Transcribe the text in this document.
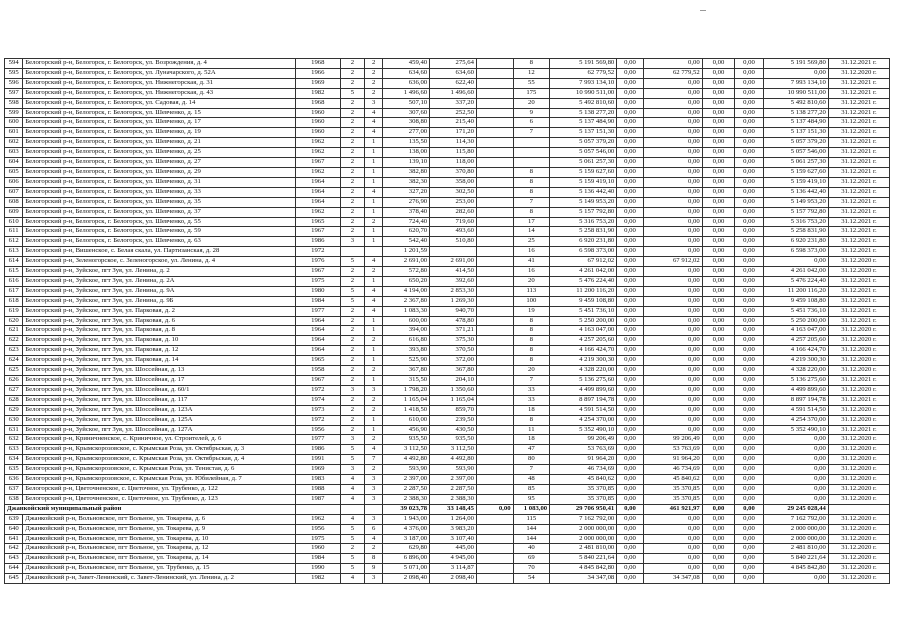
594	Белогорский р-н, Белогорск, г. Белогорск, ул. Возрождения, д. 4	1968	2	2	459,40	275,64		8	5 191 569,80	0,00	0,00	0,00	0,00	5 191 569,80	31.12.2021 г.
595	Белогорский р-н, Белогорск, г. Белогорск, ул. Луначарского, д. 52А	1966	2	2	634,60	634,60		12	62 779,52	0,00	62 779,52	0,00	0,00	0,00	31.12.2020 г.
596	Белогорский р-н, Белогорск, г. Белогорск, ул. Нижнегорская, д. 31	1969	2	2	636,00	622,40		55	7 993 134,10	0,00	0,00	0,00	0,00	7 993 134,10	31.12.2021 г.
597	Белогорский р-н, Белогорск, г. Белогорск, ул. Нижнегорская, д. 43	1982	5	2	1 496,60	1 496,60		175	10 990 511,00	0,00	0,00	0,00	0,00	10 990 511,00	31.12.2021 г.
598	Белогорский р-н, Белогорск, г. Белогорск, ул. Садовая, д. 14	1968	2	3	507,10	337,20		20	5 492 810,60	0,00	0,00	0,00	0,00	5 492 810,60	31.12.2021 г.
599	Белогорский р-н, Белогорск, г. Белогорск, ул. Шевченко, д. 15	1960	2	4	307,60	252,50		9	5 138 277,20	0,00	0,00	0,00	0,00	5 138 277,20	31.12.2021 г.
600	Белогорский р-н, Белогорск, г. Белогорск, ул. Шевченко, д. 17	1960	2	4	308,80	215,40		6	5 137 484,90	0,00	0,00	0,00	0,00	5 137 484,90	31.12.2021 г.
601	Белогорский р-н, Белогорск, г. Белогорск, ул. Шевченко, д. 19	1960	2	4	277,00	171,20		7	5 137 151,30	0,00	0,00	0,00	0,00	5 137 151,30	31.12.2021 г.
602	Белогорский р-н, Белогорск, г. Белогорск, ул. Шевченко, д. 21	1962	2	1	135,50	114,30			5 057 379,20	0,00	0,00	0,00	0,00	5 057 379,20	31.12.2021 г.
603	Белогорский р-н, Белогорск, г. Белогорск, ул. Шевченко, д. 25	1962	2	1	138,00	115,80			5 057 546,00	0,00	0,00	0,00	0,00	5 057 546,00	31.12.2021 г.
604	Белогорский р-н, Белогорск, г. Белогорск, ул. Шевченко, д. 27	1967	2	1	139,10	118,00			5 061 257,30	0,00	0,00	0,00	0,00	5 061 257,30	31.12.2021 г.
605	Белогорский р-н, Белогорск, г. Белогорск, ул. Шевченко, д. 29	1962	2	1	382,80	370,80		8	5 159 627,60	0,00	0,00	0,00	0,00	5 159 627,60	31.12.2021 г.
606	Белогорский р-н, Белогорск, г. Белогорск, ул. Шевченко, д. 31	1964	2	1	382,30	358,00		8	5 159 419,10	0,00	0,00	0,00	0,00	5 159 419,10	31.12.2021 г.
607	Белогорский р-н, Белогорск, г. Белогорск, ул. Шевченко, д. 33	1964	2	4	327,20	302,50		8	5 136 442,40	0,00	0,00	0,00	0,00	5 136 442,40	31.12.2021 г.
608	Белогорский р-н, Белогорск, г. Белогорск, ул. Шевченко, д. 35	1964	2	1	276,90	253,00		7	5 149 953,20	0,00	0,00	0,00	0,00	5 149 953,20	31.12.2021 г.
609	Белогорский р-н, Белогорск, г. Белогорск, ул. Шевченко, д. 37	1962	2	1	378,40	282,60		8	5 157 792,80	0,00	0,00	0,00	0,00	5 157 792,80	31.12.2021 г.
610	Белогорский р-н, Белогорск, г. Белогорск, ул. Шевченко, д. 55	1965	2	2	724,40	719,60		17	5 316 753,20	0,00	0,00	0,00	0,00	5 316 753,20	31.12.2021 г.
611	Белогорский р-н, Белогорск, г. Белогорск, ул. Шевченко, д. 59	1967	2	1	620,70	493,60		14	5 258 831,90	0,00	0,00	0,00	0,00	5 258 831,90	31.12.2021 г.
612	Белогорский р-н, Белогорск, г. Белогорск, ул. Шевченко, д. 63	1986	3	1	542,40	510,80		25	6 920 231,80	0,00	0,00	0,00	0,00	6 920 231,80	31.12.2021 г.
613	Белогорский р-н, Вишенское, с. Белая скала, ул. Партизанская, д. 28	1972			1 201,59			16	6 598 373,00	0,00	0,00	0,00	0,00	6 598 373,00	31.12.2021 г.
614	Белогорский р-н, Зеленогорское, с. Зеленогорское, ул. Ленина, д. 4	1976	5	4	2 691,00	2 691,00		41	67 912,02	0,00	67 912,02	0,00	0,00	0,00	31.12.2020 г.
615	Белогорский р-н, Зуйское, пгт Зуя, ул. Ленина, д. 2	1967	2	2	572,80	414,50		16	4 261 042,00	0,00	0,00	0,00	0,00	4 261 042,00	31.12.2020 г.
616	Белогорский р-н, Зуйское, пгт Зуя, ул. Ленина, д. 2А	1975	2	1	650,20	392,60		20	5 476 224,40	0,00	0,00	0,00	0,00	5 476 224,40	31.12.2021 г.
617	Белогорский р-н, Зуйское, пгт Зуя, ул. Ленина, д. 9А	1980	5	4	4 194,00	2 853,30		113	11 200 116,20	0,00	0,00	0,00	0,00	11 200 116,20	31.12.2021 г.
618	Белогорский р-н, Зуйское, пгт Зуя, ул. Ленина, д. 9Б	1984	5	4	2 367,80	1 269,30		100	9 459 108,80	0,00	0,00	0,00	0,00	9 459 108,80	31.12.2021 г.
619	Белогорский р-н, Зуйское, пгт Зуя, ул. Парковая, д. 2	1977	2	4	1 083,30	940,70		19	5 451 736,10	0,00	0,00	0,00	0,00	5 451 736,10	31.12.2021 г.
620	Белогорский р-н, Зуйское, пгт Зуя, ул. Парковая, д. 6	1964	2	1	600,00	478,80		8	5 250 200,00	0,00	0,00	0,00	0,00	5 250 200,00	31.12.2021 г.
621	Белогорский р-н, Зуйское, пгт Зуя, ул. Парковая, д. 8	1964	2	1	394,00	371,21		8	4 163 047,00	0,00	0,00	0,00	0,00	4 163 047,00	31.12.2020 г.
622	Белогорский р-н, Зуйское, пгт Зуя, ул. Парковая, д. 10	1964	2	2	616,80	375,30		8	4 257 205,60	0,00	0,00	0,00	0,00	4 257 205,60	31.12.2020 г.
623	Белогорский р-н, Зуйское, пгт Зуя, ул. Парковая, д. 12	1964	2	1	393,80	370,50		8	4 166 424,70	0,00	0,00	0,00	0,00	4 166 424,70	31.12.2020 г.
624	Белогорский р-н, Зуйское, пгт Зуя, ул. Парковая, д. 14	1965	2	1	525,90	372,00		8	4 219 300,30	0,00	0,00	0,00	0,00	4 219 300,30	31.12.2020 г.
625	Белогорский р-н, Зуйское, пгт Зуя, ул. Шоссейная, д. 13	1958	2	2	367,80	367,80		20	4 328 220,00	0,00	0,00	0,00	0,00	4 328 220,00	31.12.2020 г.
626	Белогорский р-н, Зуйское, пгт Зуя, ул. Шоссейная, д. 17	1967	2	1	315,50	204,10		7	5 136 275,60	0,00	0,00	0,00	0,00	5 136 275,60	31.12.2021 г.
627	Белогорский р-н, Зуйское, пгт Зуя, ул. Шоссейная, д. 60/1	1972	3	3	1 798,20	1 350,60		33	4 499 899,60	0,00	0,00	0,00	0,00	4 499 899,60	31.12.2020 г.
628	Белогорский р-н, Зуйское, пгт Зуя, ул. Шоссейная, д. 117	1974	2	2	1 165,04	1 165,04		33	8 897 194,78	0,00	0,00	0,00	0,00	8 897 194,78	31.12.2021 г.
629	Белогорский р-н, Зуйское, пгт Зуя, ул. Шоссейная, д. 123А	1973	2	2	1 418,50	859,70		18	4 591 514,50	0,00	0,00	0,00	0,00	4 591 514,50	31.12.2020 г.
630	Белогорский р-н, Зуйское, пгт Зуя, ул. Шоссейная, д. 125А	1972	2	1	610,00	239,50		8	4 254 370,00	0,00	0,00	0,00	0,00	4 254 370,00	31.12.2020 г.
631	Белогорский р-н, Зуйское, пгт Зуя, ул. Шоссейная, д. 127А	1956	2	1	456,90	430,50		11	5 352 490,10	0,00	0,00	0,00	0,00	5 352 490,10	31.12.2021 г.
632	Белогорский р-н, Криничненское, с. Криничное, ул. Строителей, д. 6	1977	3	2	935,50	935,50		18	99 206,49	0,00	99 206,49	0,00	0,00	0,00	31.12.2020 г.
633	Белогорский р-н, Крымскорозовское, с. Крымская Роза, ул. Октябрьская, д. 3	1986	5	4	3 112,50	3 112,50		47	53 763,69	0,00	53 763,69	0,00	0,00	0,00	31.12.2020 г.
634	Белогорский р-н, Крымскорозовское, с. Крымская Роза, ул. Октябрьская, д. 4	1991	5	7	4 492,80	4 492,80		80	91 964,20	0,00	91 964,20	0,00	0,00	0,00	31.12.2020 г.
635	Белогорский р-н, Крымскорозовское, с. Крымская Роза, ул. Тенистая, д. 6	1969	3	2	593,90	593,90		7	46 734,69	0,00	46 734,69	0,00	0,00	0,00	31.12.2020 г.
636	Белогорский р-н, Крымскорозовское, с. Крымская Роза, ул. Юбилейная, д. 7	1983	4	3	2 397,00	2 397,00		48	45 840,62	0,00	45 840,62	0,00	0,00	0,00	31.12.2020 г.
637	Белогорский р-н, Цветочненское, с. Цветочное, ул. Трубенко, д. 122	1988	4	3	2 287,50	2 287,50		85	35 370,85	0,00	35 370,85	0,00	0,00	0,00	31.12.2020 г.
638	Белогорский р-н, Цветочненское, с. Цветочное, ул. Трубенко, д. 123	1987	4	3	2 388,30	2 388,30		95	35 370,85	0,00	35 370,85	0,00	0,00	0,00	31.12.2020 г.
Джанкойский муниципальный район					39 023,78	33 148,45	0,00	1 083,00	29 706 950,41	0,00	461 921,97	0,00	0,00	29 245 028,44	
639	Джанкойский р-н, Вольновское, пгт Вольное, ул. Токарева, д. 6	1962	4	3	1 943,00	1 264,00		115	7 162 792,00	0,00	0,00	0,00	0,00	7 162 792,00	31.12.2020 г.
640	Джанкойский р-н, Вольновское, пгт Вольное, ул. Токарева, д. 9	1956	5	6	4 376,00	3 983,20		144	2 000 000,00	0,00	0,00	0,00	0,00	2 000 000,00	31.12.2020 г.
641	Джанкойский р-н, Вольновское, пгт Вольное, ул. Токарева, д. 10	1975	5	4	3 187,00	3 107,40		144	2 000 000,00	0,00	0,00	0,00	0,00	2 000 000,00	31.12.2020 г.
642	Джанкойский р-н, Вольновское, пгт Вольное, ул. Токарева, д. 12	1960	2	2	629,80	445,00		40	2 481 810,00	0,00	0,00	0,00	0,00	2 481 810,00	31.12.2020 г.
643	Джанкойский р-н, Вольновское, пгт Вольное, ул. Токарева, д. 14	1984	5	8	6 896,00	4 945,00		69	5 840 221,64	0,00	0,00	0,00	0,00	5 840 221,64	31.12.2020 г.
644	Джанкойский р-н, Вольновское, пгт Вольное, ул. Трубенко, д. 15	1990	5	9	5 071,00	3 114,87		70	4 845 842,80	0,00	0,00	0,00	0,00	4 845 842,80	31.12.2020 г.
645	Джанкойский р-н, Завет-Ленинский, с. Завет-Ленинский, ул. Ленина, д. 2	1982	4	3	2 098,40	2 098,40		54	34 347,08	0,00	34 347,08	0,00	0,00	0,00	31.12.2020 г.
